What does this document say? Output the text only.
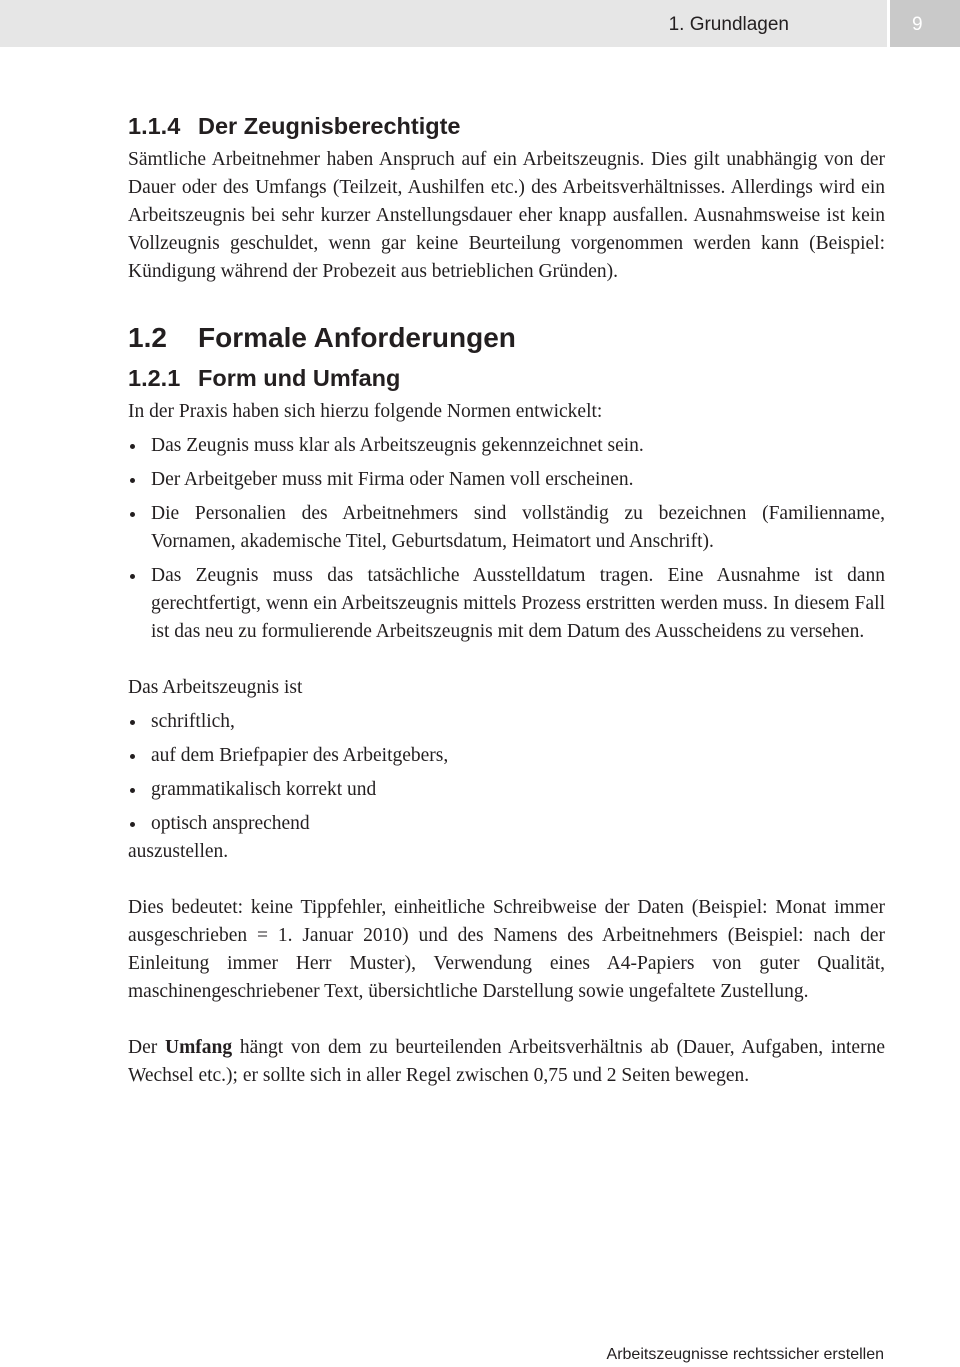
1. Grundlagen	9
1.1.4 Der Zeugnisberechtigte

Sämtliche Arbeitnehmer haben Anspruch auf ein Arbeitszeugnis. Dies gilt unabhängig von der Dauer oder des Umfangs (Teilzeit, Aushilfen etc.) des Arbeitsverhältnisses. Allerdings wird ein Arbeitszeugnis bei sehr kurzer Anstellungsdauer eher knapp ausfallen. Ausnahmsweise ist kein Vollzeugnis geschuldet, wenn gar keine Beurteilung vorgenommen werden kann (Beispiel: Kündigung während der Probezeit aus betrieblichen Gründen).

1.2 Formale Anforderungen
1.2.1 Form und Umfang

In der Praxis haben sich hierzu folgende Normen entwickelt:

Das Zeugnis muss klar als Arbeitszeugnis gekennzeichnet sein.
Der Arbeitgeber muss mit Firma oder Namen voll erscheinen.
Die Personalien des Arbeitnehmers sind vollständig zu bezeichnen (Familienname, Vornamen, akademische Titel, Geburtsdatum, Heimatort und Anschrift).
Das Zeugnis muss das tatsächliche Ausstelldatum tragen. Eine Ausnahme ist dann gerechtfertigt, wenn ein Arbeitszeugnis mittels Prozess erstritten werden muss. In diesem Fall ist das neu zu formulierende Arbeitszeugnis mit dem Datum des Ausscheidens zu versehen.

Das Arbeitszeugnis ist

schriftlich,
auf dem Briefpapier des Arbeitgebers,
grammatikalisch korrekt und
optisch ansprechend

auszustellen.

Dies bedeutet: keine Tippfehler, einheitliche Schreibweise der Daten (Beispiel: Monat immer ausgeschrieben = 1. Januar 2010) und des Namens des Arbeitnehmers (Beispiel: nach der Einleitung immer Herr Muster), Verwendung eines A4-Papiers von guter Qualität, maschinengeschriebener Text, übersichtliche Darstellung sowie ungefaltete Zustellung.

Der Umfang hängt von dem zu beurteilenden Arbeitsverhältnis ab (Dauer, Aufgaben, interne Wechsel etc.); er sollte sich in aller Regel zwischen 0,75 und 2 Seiten bewegen.

Arbeitszeugnisse rechtssicher erstellen
